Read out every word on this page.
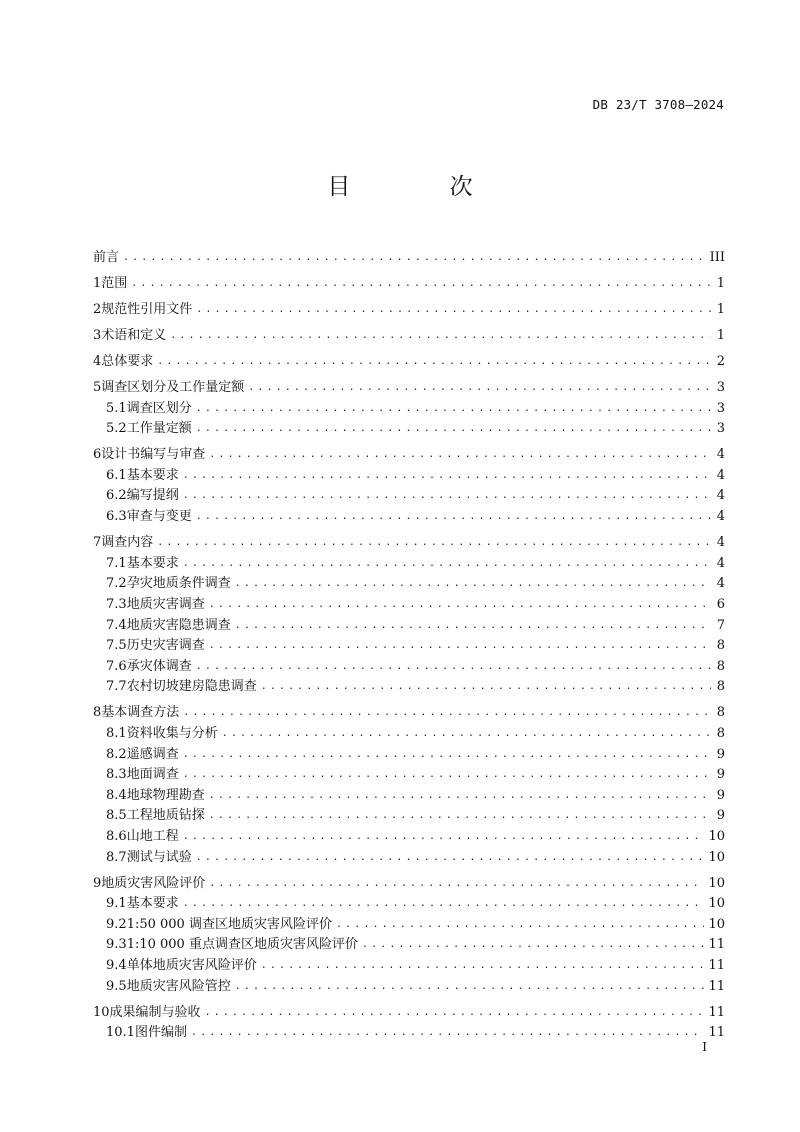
DB 23/T 3708—2024
目 次
前言 .....	III
1 范围 .....	1
2 规范性引用文件 .....	1
3 术语和定义 .....	1
4 总体要求 .....	2
5 调查区划分及工作量定额 .....	3
5.1 调查区划分 .....	3
5.2 工作量定额 .....	3
6 设计书编写与审查 .....	4
6.1 基本要求 .....	4
6.2 编写提纲 .....	4
6.3 审查与变更 .....	4
7 调查内容 .....	4
7.1 基本要求 .....	4
7.2 孕灾地质条件调查 .....	4
7.3 地质灾害调查 .....	6
7.4 地质灾害隐患调查 .....	7
7.5 历史灾害调查 .....	8
7.6 承灾体调查 .....	8
7.7 农村切坡建房隐患调查 .....	8
8 基本调查方法 .....	8
8.1 资料收集与分析 .....	8
8.2 遥感调查 .....	9
8.3 地面调查 .....	9
8.4 地球物理勘查 .....	9
8.5 工程地质钻探 .....	9
8.6 山地工程 .....	10
8.7 测试与试验 .....	10
9 地质灾害风险评价 .....	10
9.1 基本要求 .....	10
9.2 1:50 000 调查区地质灾害风险评价 .....	10
9.3 1:10 000 重点调查区地质灾害风险评价 .....	11
9.4 单体地质灾害风险评价 .....	11
9.5 地质灾害风险管控 .....	11
10 成果编制与验收 .....	11
10.1 图件编制 .....	11
I
